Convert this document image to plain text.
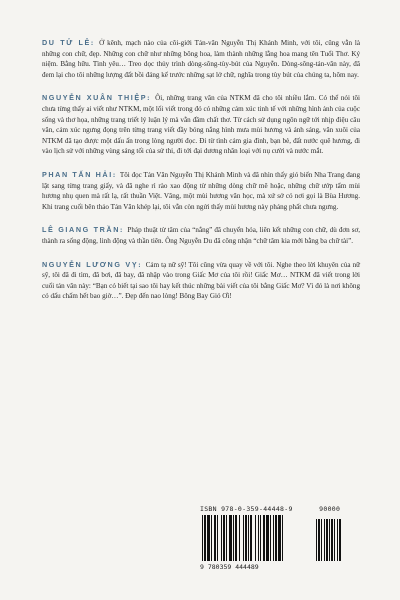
DU TỬ LÊ: Ở kênh, mạch nào của cõi-giới Tản-văn Nguyễn Thị Khánh Minh, với tôi, cũng vẫn là những con chữ, đẹp. Những con chữ như những bông hoa, làm thành những lẵng hoa mang tên Tuổi Thơ. Ký niệm. Bằng hữu. Tình yêu… Treo dọc thủy trình dòng-sông-tùy-bút của Nguyễn. Dòng-sông-tản-văn này, đã đem lại cho tôi những lượng đất bồi đáng kể trước những sạt lở chữ, nghĩa trong tùy bút của chúng ta, hôm nay.

NGUYỄN XUÂN THIỆP: Ôi, những trang văn của NTKM đã cho tôi nhiều lắm. Có thể nói tôi chưa từng thấy ai viết như NTKM, một lối viết trong đó có những cảm xúc tinh tế với những hình ảnh của cuộc sống và thơ họa, những trang triết lý luận lý mà vẫn đầm chất thơ. Từ cách sử dụng ngôn ngữ tới nhịp điệu câu văn, cảm xúc ngưng đọng trên từng trang viết đầy bóng nắng hình mưa mùi hương và ánh sáng, văn xuôi của NTKM đã tạo được một dấu ấn trong lòng người đọc. Đi từ tình cảm gia đình, bạn bè, đất nước quê hương, đi vào lịch sử với những vùng sáng tối của sử thi, đi tới đại dương nhân loại với nụ cười và nước mắt.

PHAN TẤN HẢI: Tôi đọc Tản Văn Nguyễn Thị Khánh Minh và đã nhìn thấy gió biển Nha Trang đang lật sang từng trang giấy, và đã nghe rì rào xao động từ những dòng chữ mê hoặc, những chữ ướp tẩm mùi hương nhụ quen mà rất lạ, rất thuần Việt. Vâng, một mùi hương văn học, mà xứ sở có nơi gọi là Bùa Hương. Khi trang cuối bên thảo Tản Văn khép lại, tôi vẫn còn ngửi thấy mùi hương này phảng phất chưa ngưng.

LÊ GIANG TRẦN: Pháp thuật từ tâm của “nắng” đã chuyển hóa, liên kết những con chữ, dù đơn sơ, thành ra sống động, linh động và thần tiên. Ông Nguyễn Du đã công nhận “chữ tâm kia mới bằng ba chữ tài”.

NGUYỄN LƯƠNG VỴ: Cảm tạ nữ sỹ! Tôi cũng vừa quay về với tôi. Nghe theo lời khuyên của nữ sỹ, tôi đã đi tìm, đã bơi, đã bay, đã nhập vào trong Giấc Mơ của tôi rồi! Giấc Mơ… NTKM đã viết trong lời cuối tản văn này: “Bạn có biết tại sao tôi hay kết thúc những bài viết của tôi bằng Giấc Mơ? Vì đó là nơi không có dấu chấm hết bao giờ…”. Đẹp đến nao lòng! Bông Bay Gió Ơi!

ISBN 978-0-359-44448-9	90000
9 780359 444489
